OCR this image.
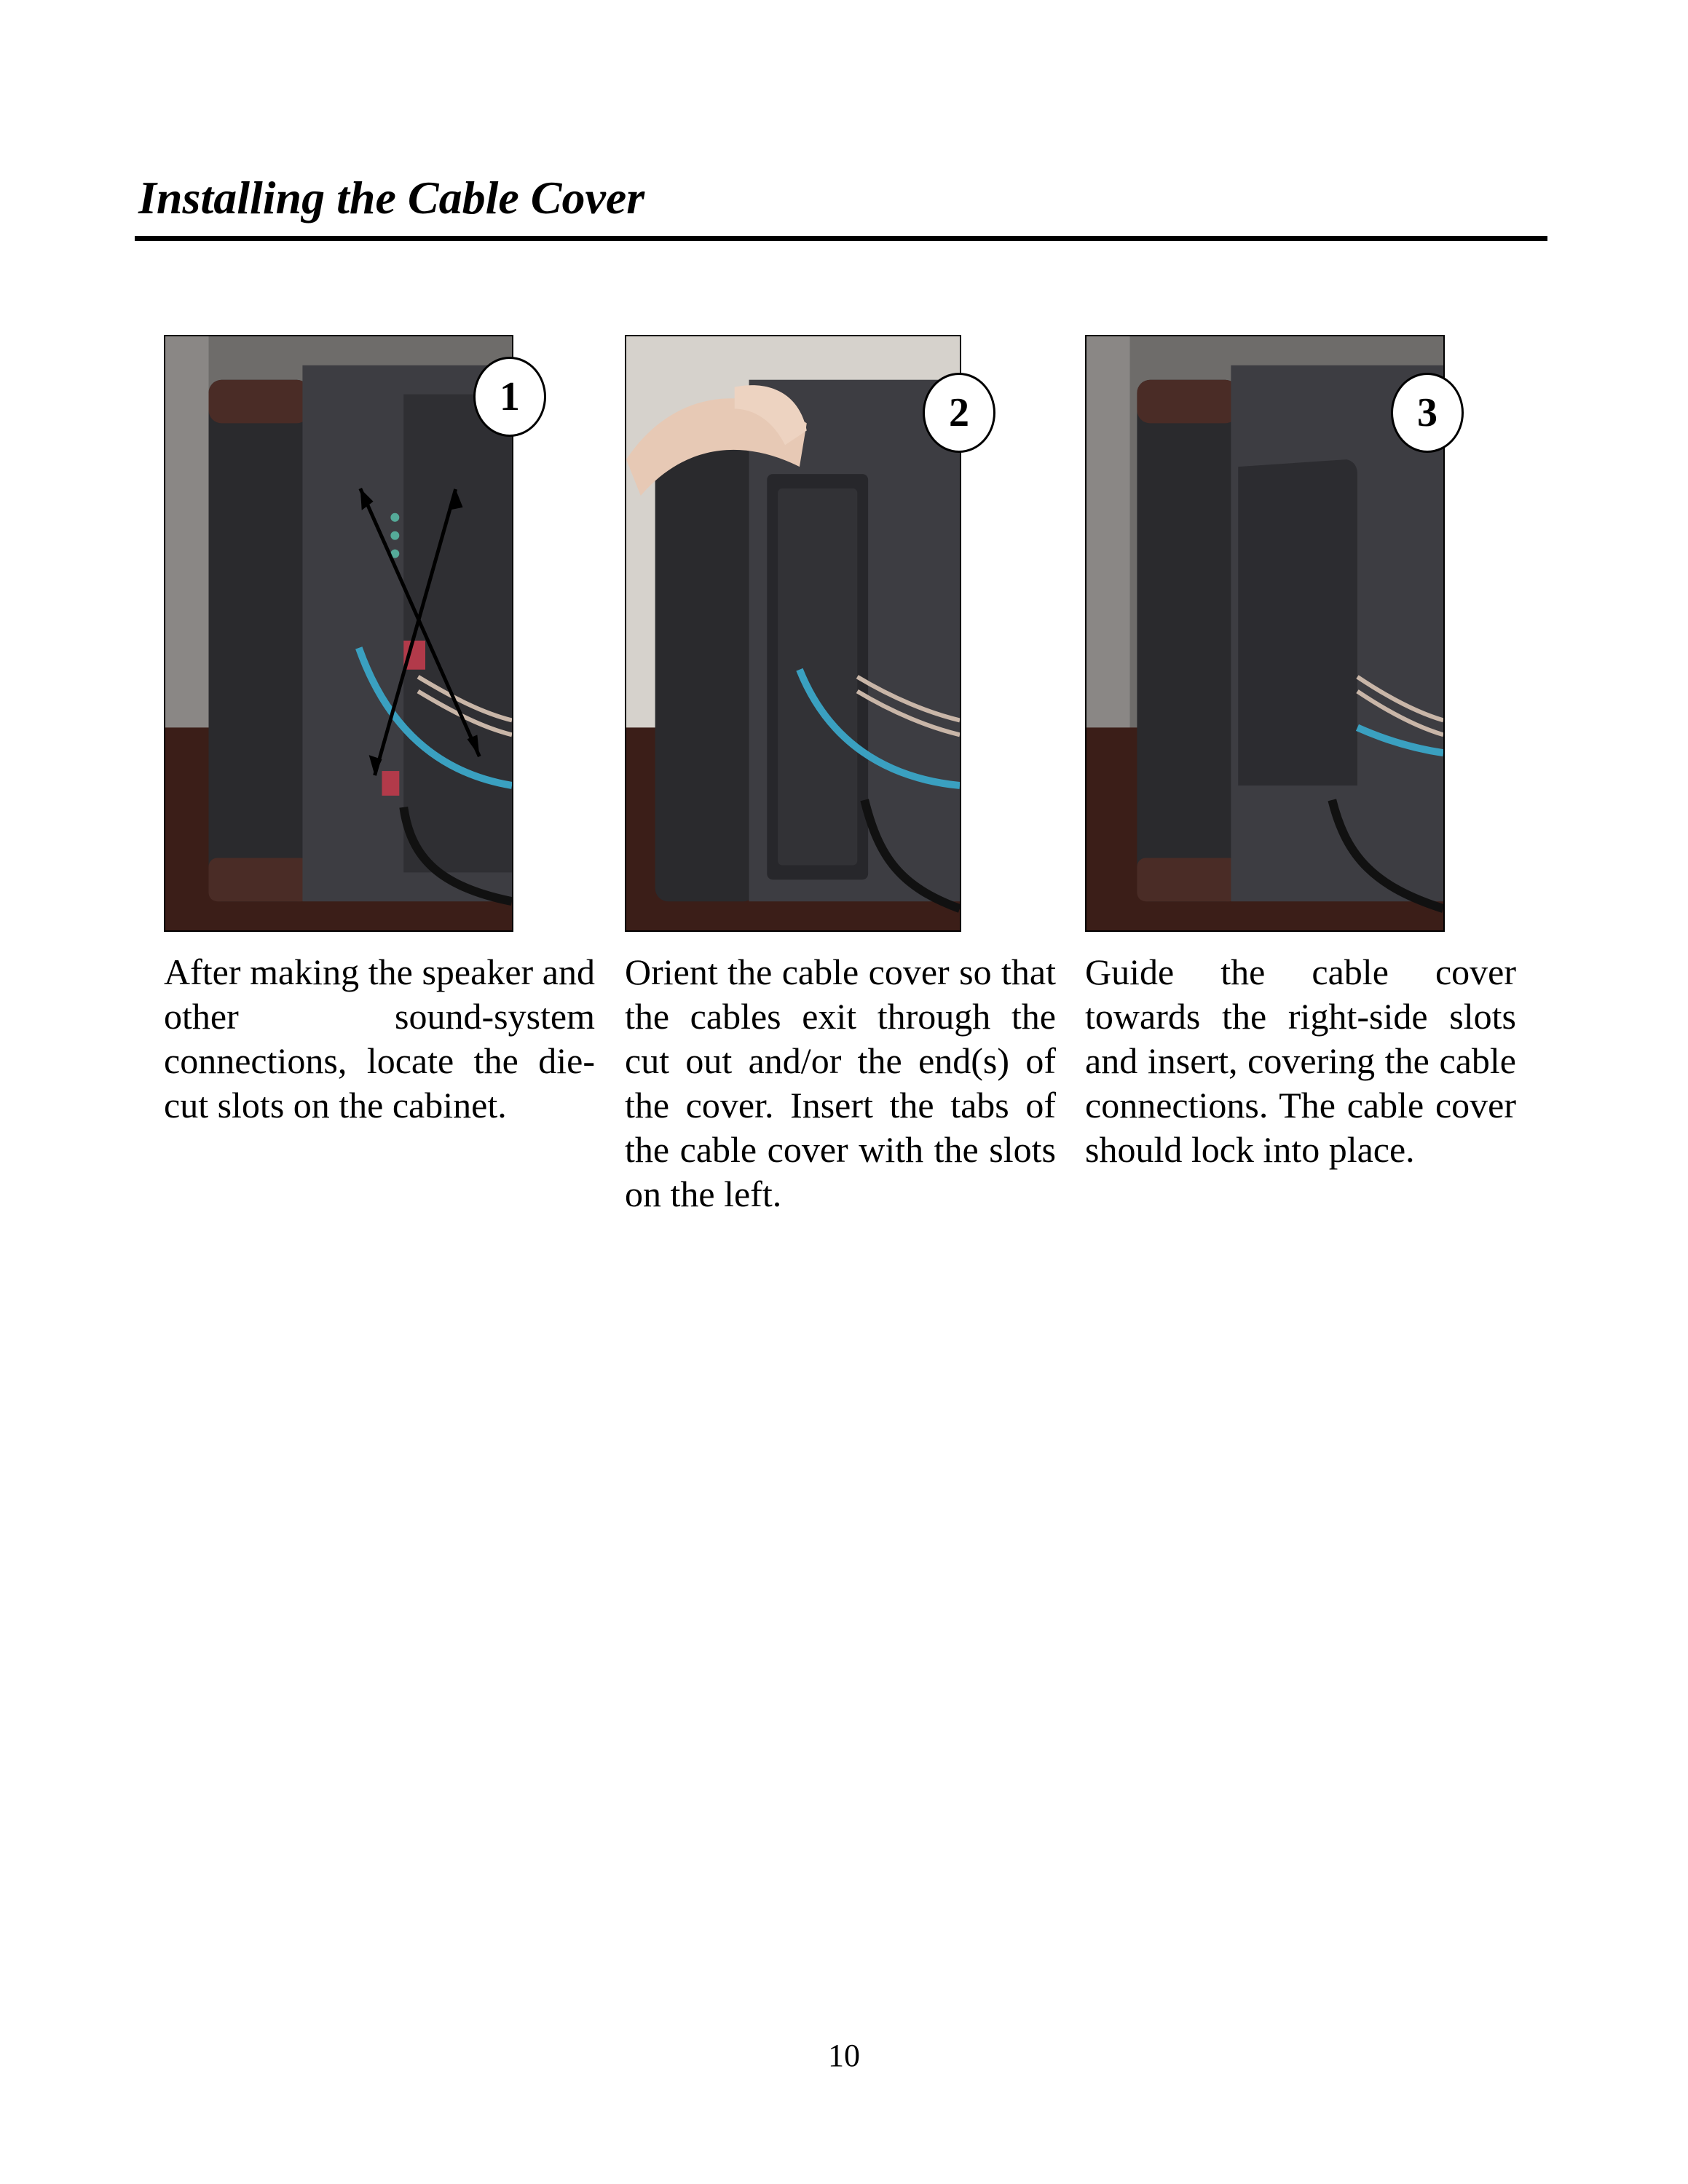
Installing the Cable Cover
1	2	3

After making the speaker and other sound-system connections, locate the die-cut slots on the cabinet.

Orient the cable cover so that the cables exit through the cut out and/or the end(s) of the cover. Insert the tabs of the cable cover with the slots on the left.

Guide the cable cover towards the right-side slots and insert, covering the cable connections. The cable cover should lock into place.

10
